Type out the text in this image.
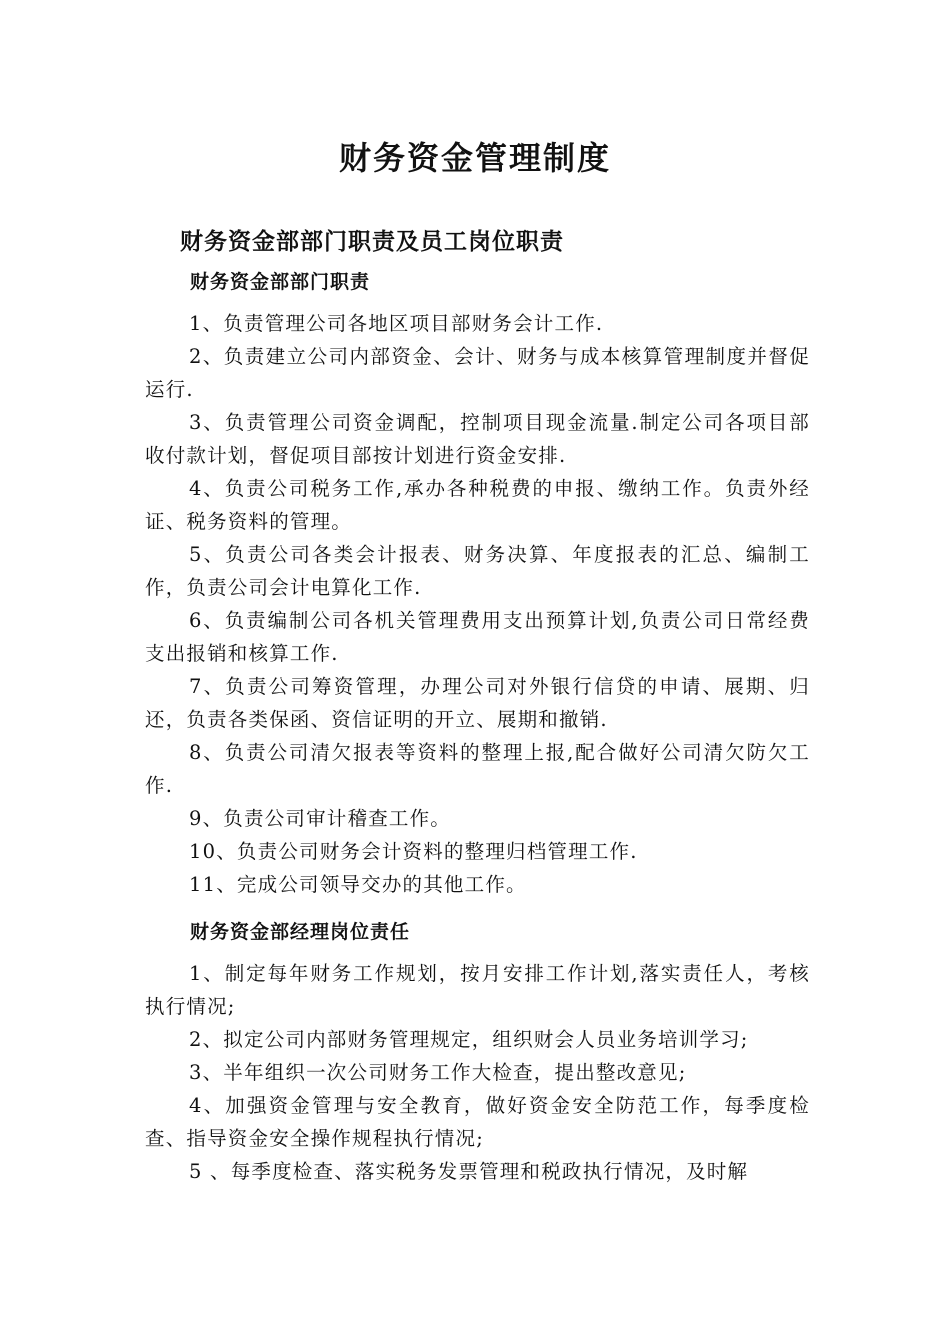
财务资金管理制度
财务资金部部门职责及员工岗位职责
财务资金部部门职责
1、负责管理公司各地区项目部财务会计工作.
2、负责建立公司内部资金、会计、财务与成本核算管理制度并督促运行.
3、负责管理公司资金调配，控制项目现金流量.制定公司各项目部收付款计划，督促项目部按计划进行资金安排.
4、负责公司税务工作,承办各种税费的申报、缴纳工作。负责外经证、税务资料的管理。
5、负责公司各类会计报表、财务决算、年度报表的汇总、编制工作，负责公司会计电算化工作.
6、负责编制公司各机关管理费用支出预算计划,负责公司日常经费支出报销和核算工作.
7、负责公司筹资管理，办理公司对外银行信贷的申请、展期、归还，负责各类保函、资信证明的开立、展期和撤销.
8、负责公司清欠报表等资料的整理上报,配合做好公司清欠防欠工作.
9、负责公司审计稽查工作。
10、负责公司财务会计资料的整理归档管理工作.
11、完成公司领导交办的其他工作。
财务资金部经理岗位责任
1、制定每年财务工作规划，按月安排工作计划,落实责任人，考核执行情况;
2、拟定公司内部财务管理规定，组织财会人员业务培训学习;
3、半年组织一次公司财务工作大检查，提出整改意见;
4、加强资金管理与安全教育，做好资金安全防范工作，每季度检查、指导资金安全操作规程执行情况;
5 、每季度检查、落实税务发票管理和税政执行情况，及时解
